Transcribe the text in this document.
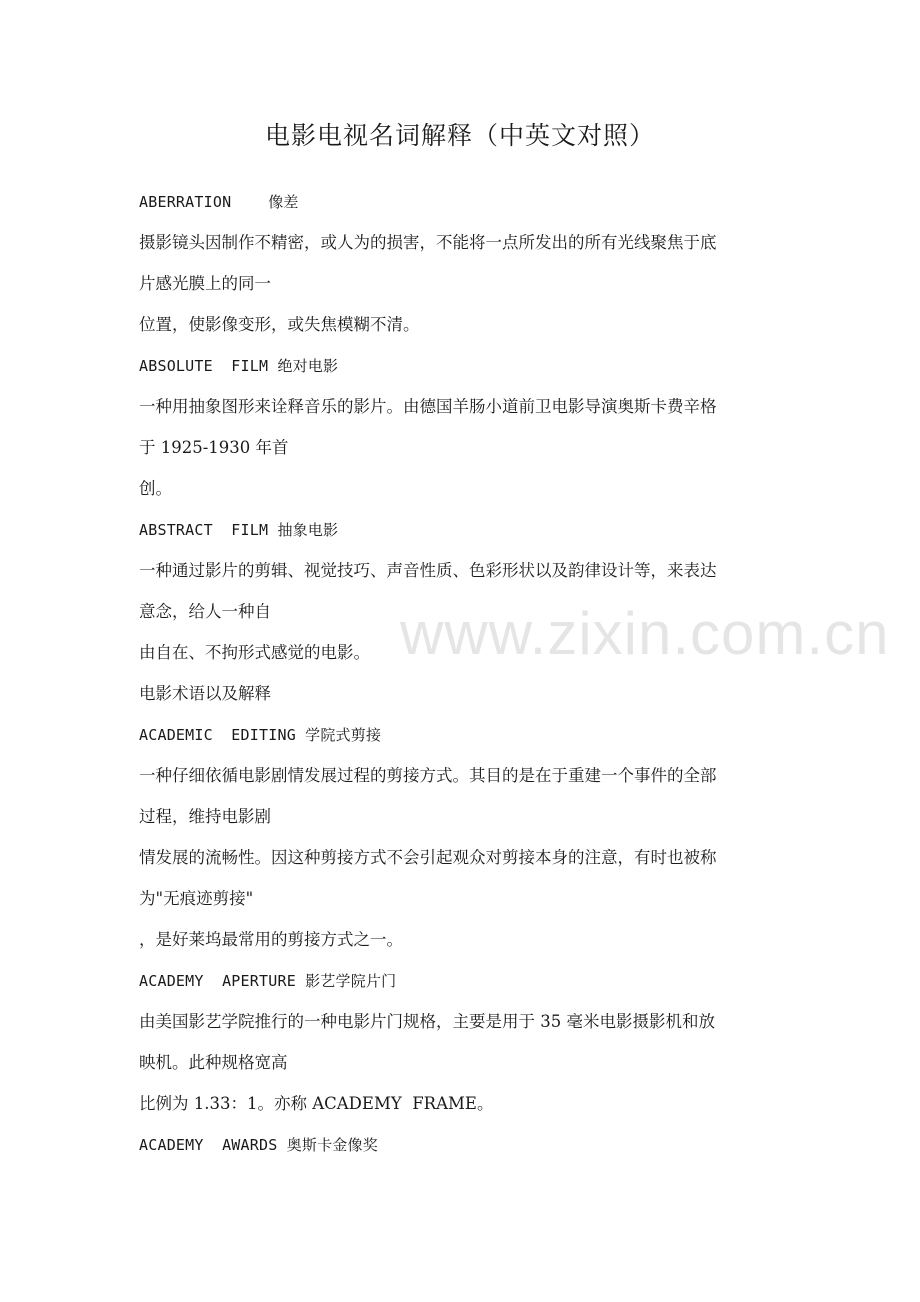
电影电视名词解释（中英文对照）
ABERRATION    像差
摄影镜头因制作不精密，或人为的损害，不能将一点所发出的所有光线聚焦于底
片感光膜上的同一
位置，使影像变形，或失焦模糊不清。
ABSOLUTE  FILM 绝对电影
一种用抽象图形来诠释音乐的影片。由德国羊肠小道前卫电影导演奥斯卡费辛格
于 1925-1930 年首
创。
ABSTRACT  FILM 抽象电影
一种通过影片的剪辑、视觉技巧、声音性质、色彩形状以及韵律设计等，来表达
意念，给人一种自
由自在、不拘形式感觉的电影。
电影术语以及解释
ACADEMIC  EDITING 学院式剪接
一种仔细依循电影剧情发展过程的剪接方式。其目的是在于重建一个事件的全部
过程，维持电影剧
情发展的流畅性。因这种剪接方式不会引起观众对剪接本身的注意，有时也被称
为"无痕迹剪接"
，是好莱坞最常用的剪接方式之一。
ACADEMY  APERTURE 影艺学院片门
由美国影艺学院推行的一种电影片门规格，主要是用于 35 毫米电影摄影机和放
映机。此种规格宽高
比例为 1.33：1。亦称 ACADEMY  FRAME。
ACADEMY  AWARDS 奥斯卡金像奖
www.zixin.com.cn
